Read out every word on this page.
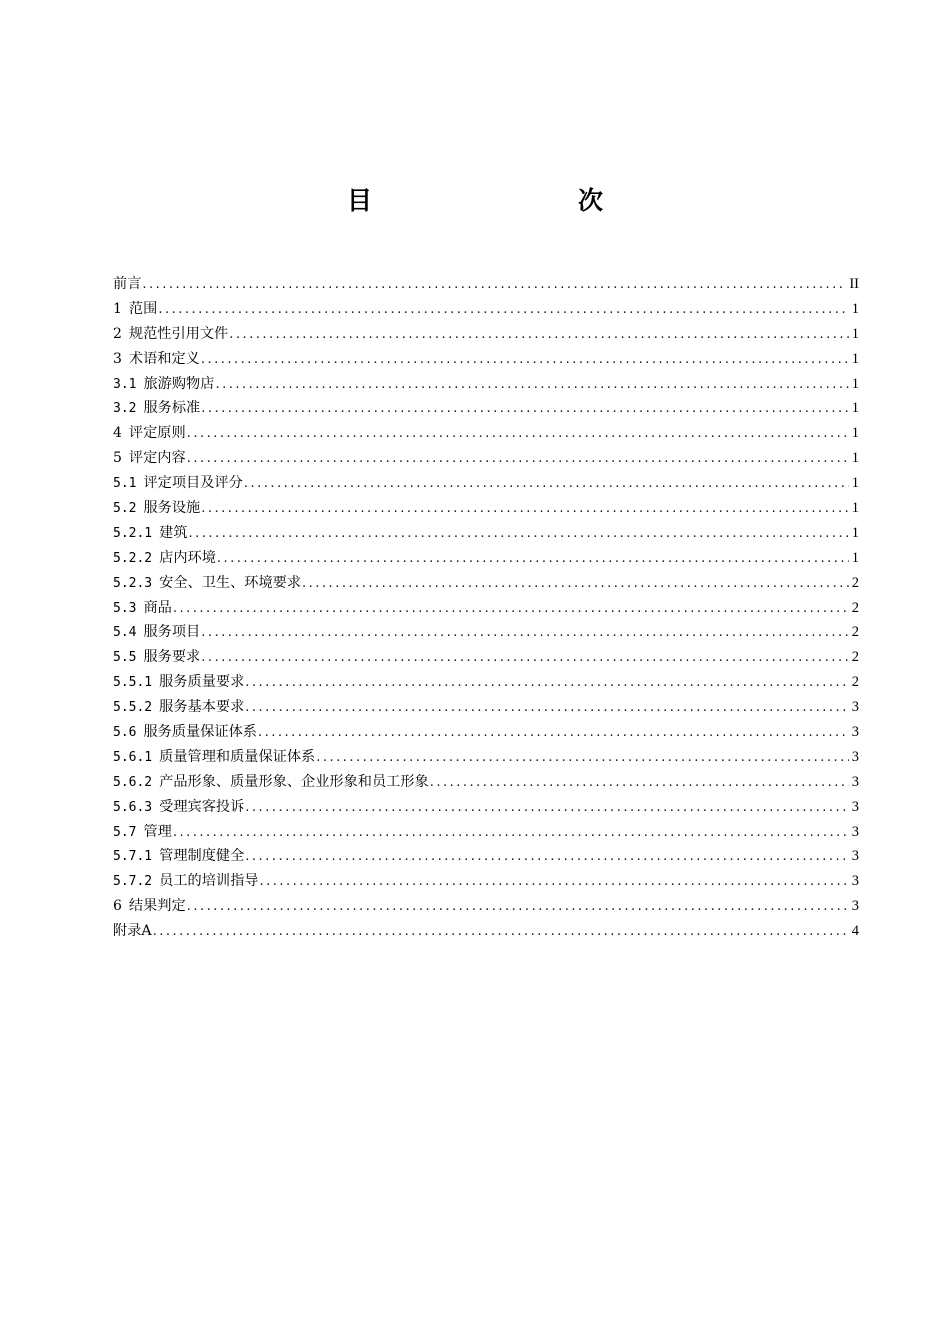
目　　次
前言 .....	II
1 范围 .....	1
2 规范性引用文件 .....	1
3 术语和定义 .....	1
3.1 旅游购物店 .....	1
3.2 服务标准 .....	1
4 评定原则 .....	1
5 评定内容 .....	1
5.1 评定项目及评分 .....	1
5.2 服务设施 .....	1
5.2.1 建筑 .....	1
5.2.2 店内环境 .....	1
5.2.3 安全、卫生、环境要求 .....	2
5.3 商品 .....	2
5.4 服务项目 .....	2
5.5 服务要求 .....	2
5.5.1 服务质量要求 .....	2
5.5.2 服务基本要求 .....	3
5.6 服务质量保证体系 .....	3
5.6.1 质量管理和质量保证体系 .....	3
5.6.2 产品形象、质量形象、企业形象和员工形象 .....	3
5.6.3 受理宾客投诉 .....	3
5.7 管理 .....	3
5.7.1 管理制度健全 .....	3
5.7.2 员工的培训指导 .....	3
6 结果判定 .....	3
附录A .....	4
